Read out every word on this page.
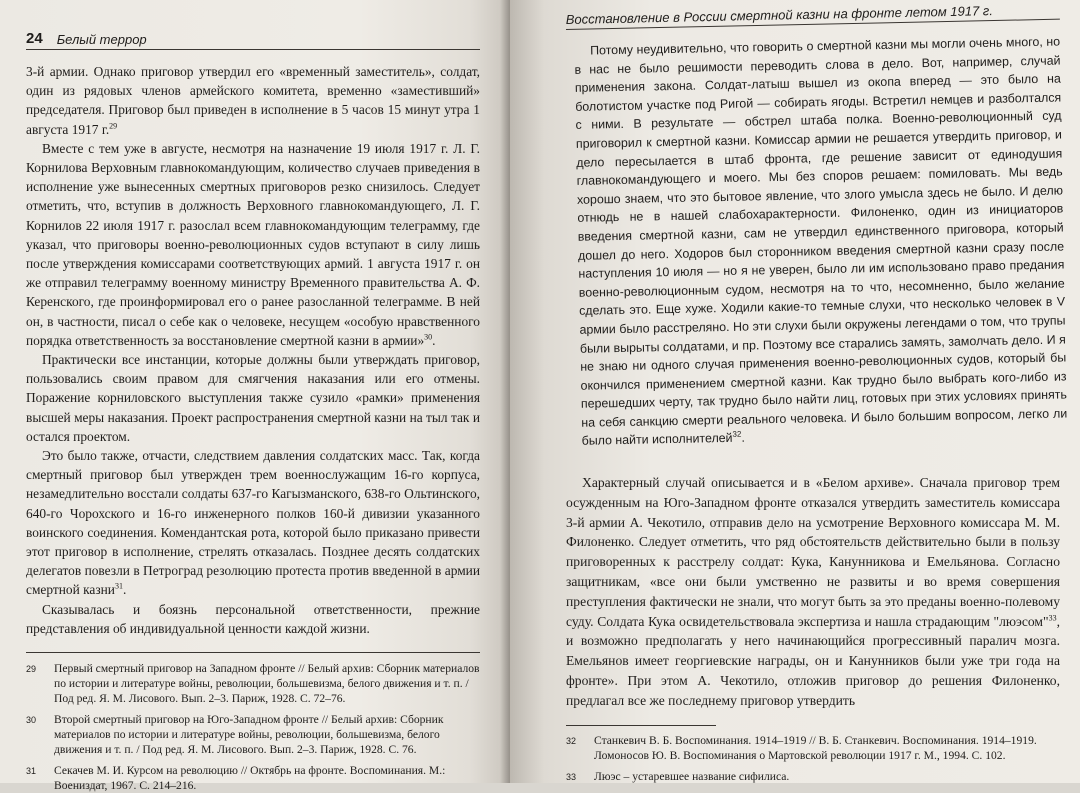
24 Белый террор

3-й армии. Однако приговор утвердил его «временный заместитель», солдат, один из рядовых членов армейского комитета, временно «заместивший» председателя. Приговор был приведен в исполнение в 5 часов 15 минут утра 1 августа 1917 г.$^{29}$

Вместе с тем уже в августе, несмотря на назначение 19 июля 1917 г. Л. Г. Корнилова Верховным главнокомандующим, количество случаев приведения в исполнение уже вынесенных смертных приговоров резко снизилось. Следует отметить, что, вступив в должность Верховного главнокомандующего, Л. Г. Корнилов 22 июля 1917 г. разослал всем главнокомандующим телеграмму, где указал, что приговоры военно-революционных судов вступают в силу лишь после утверждения комиссарами соответствующих армий. 1 августа 1917 г. он же отправил телеграмму военному министру Временного правительства А. Ф. Керенского, где проинформировал его о ранее разосланной телеграмме. В ней он, в частности, писал о себе как о человеке, несущем «особую нравственного порядка ответственность за восстановление смертной казни в армии»$^{30}$.

Практически все инстанции, которые должны были утверждать приговор, пользовались своим правом для смягчения наказания или его отмены. Поражение корниловского выступления также сузило «рамки» применения высшей меры наказания. Проект распространения смертной казни на тыл так и остался проектом.

Это было также, отчасти, следствием давления солдатских масс. Так, когда смертный приговор был утвержден трем военнослужащим 16-го корпуса, незамедлительно восстали солдаты 637-го Кагызманского, 638-го Ольтинского, 640-го Чорохского и 16-го инженерного полков 160-й дивизии указанного воинского соединения. Комендантская рота, которой было приказано привести этот приговор в исполнение, стрелять отказалась. Позднее десять солдатских делегатов повезли в Петроград резолюцию протеста против введенной в армии смертной казни$^{31}$.

Сказывалась и боязнь персональной ответственности, прежние представления об индивидуальной ценности каждой жизни.

29	Первый смертный приговор на Западном фронте // Белый архив: Сборник материалов по истории и литературе войны, революции, большевизма, белого движения и т. п. / Под ред. Я. М. Лисового. Вып. 2–3. Париж, 1928. С. 72–76.
30	Второй смертный приговор на Юго-Западном фронте // Белый архив: Сборник материалов по истории и литературе войны, революции, большевизма, белого движения и т. п. / Под ред. Я. М. Лисового. Вып. 2–3. Париж, 1928. С. 76.
31	Секачев М. И. Курсом на революцию // Октябрь на фронте. Воспоминания. М.: Воениздат, 1967. С. 214–216.
Восстановление в России смертной казни на фронте летом 1917 г.

Потому неудивительно, что говорить о смертной казни мы могли очень много, но в нас не было решимости переводить слова в дело. Вот, например, случай применения закона. Солдат-латыш вышел из окопа вперед — это было на болотистом участке под Ригой — собирать ягоды. Встретил немцев и разболтался с ними. В результате — обстрел штаба полка. Военно-революционный суд приговорил к смертной казни. Комиссар армии не решается утвердить приговор, и дело пересылается в штаб фронта, где решение зависит от единодушия главнокомандующего и моего. Мы без споров решаем: помиловать. Мы ведь хорошо знаем, что это бытовое явление, что злого умысла здесь не было. И делю отнюдь не в нашей слабохарактерности. Филоненко, один из инициаторов введения смертной казни, сам не утвердил единственного приговора, который дошел до него. Ходоров был сторонником введения смертной казни сразу после наступления 10 июля — но я не уверен, было ли им использовано право предания военно-революционным судом, несмотря на то что, несомненно, было желание сделать это. Еще хуже. Ходили какие-то темные слухи, что несколько человек в V армии было расстреляно. Но эти слухи были окружены легендами о том, что трупы были вырыты солдатами, и пр. Поэтому все старались замять, замолчать дело. И я не знаю ни одного случая применения военно-революционных судов, который бы окончился применением смертной казни. Как трудно было выбрать кого-либо из перешедших черту, так трудно было найти лиц, готовых при этих условиях принять на себя санкцию смерти реального человека. И было большим вопросом, легко ли было найти исполнителей$^{32}$.

Характерный случай описывается и в «Белом архиве». Сначала приговор трем осужденным на Юго-Западном фронте отказался утвердить заместитель комиссара 3-й армии А. Чекотило, отправив дело на усмотрение Верховного комиссара М. М. Филоненко. Следует отметить, что ряд обстоятельств действительно были в пользу приговоренных к расстрелу солдат: Кука, Канунникова и Емельянова. Согласно защитникам, «все они были умственно не развиты и во время совершения преступления фактически не знали, что могут быть за это преданы военно-полевому суду. Солдата Кука освидетельствовала экспертиза и нашла страдающим "люэсом"$^{33}$, и возможно предполагать у него начинающийся прогрессивный паралич мозга. Емельянов имеет георгиевские награды, он и Канунников были уже три года на фронте». При этом А. Чекотило, отложив приговор до решения Филоненко, предлагал все же последнему приговор утвердить

32	Станкевич В. Б. Воспоминания. 1914–1919 // В. Б. Станкевич. Воспоминания. 1914–1919. Ломоносов Ю. В. Воспоминания о Мартовской революции 1917 г. М., 1994. С. 102.
33	Люэс – устаревшее название сифилиса.
